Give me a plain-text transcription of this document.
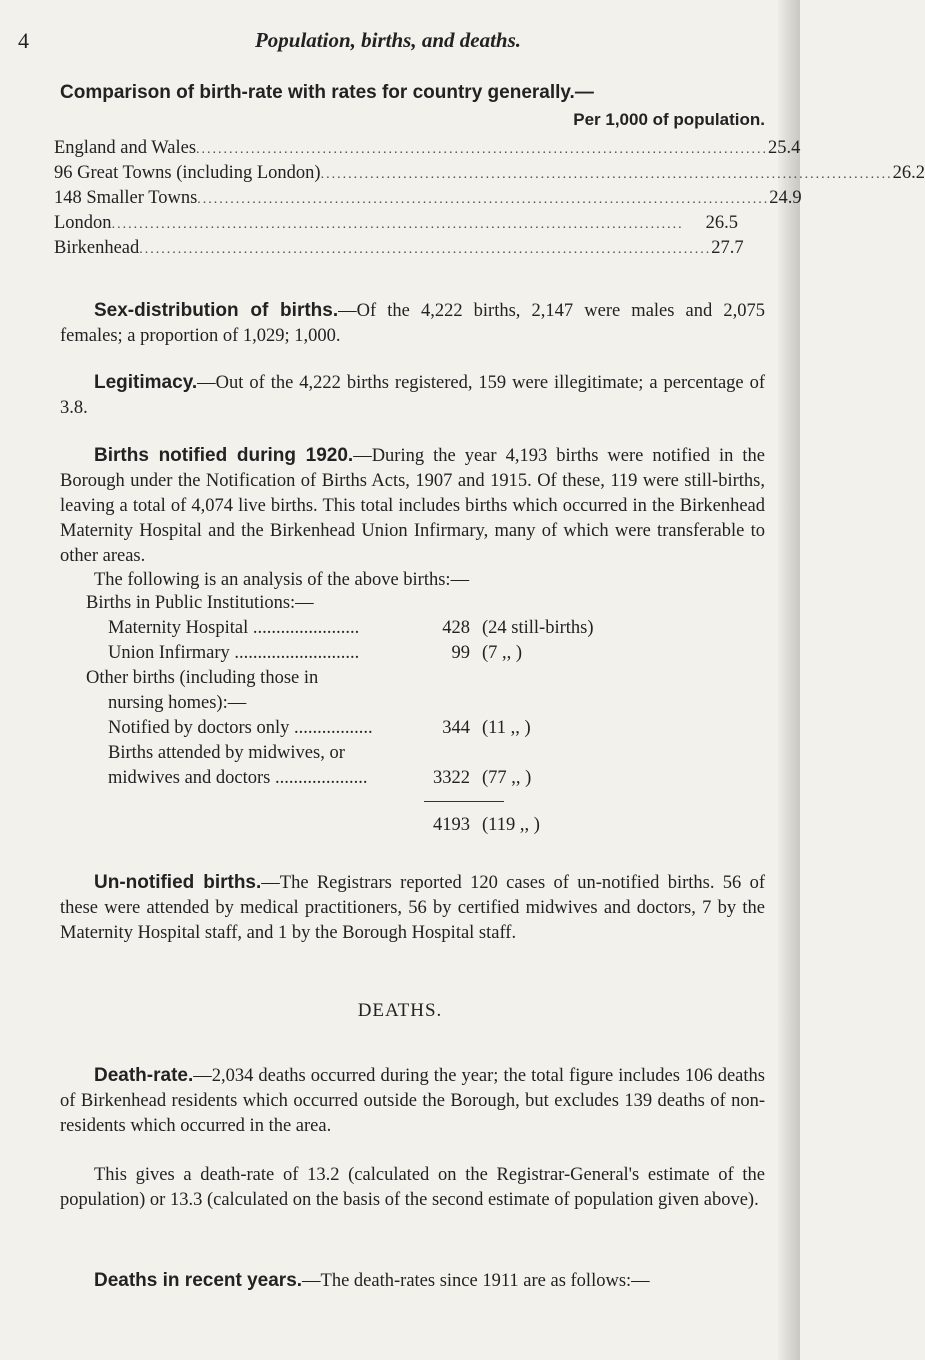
4	Population, births, and deaths.
Comparison of birth-rate with rates for country generally.—
Per 1,000 of population.
England and Wales ........................................................................................................ 25.4
96 Great Towns (including London) ........................................................................................................ 26.2
148 Smaller Towns ........................................................................................................ 24.9
London ........................................................................................................	26.5
Birkenhead ........................................................................................................ 27.7
Sex-distribution of births.—Of the 4,222 births, 2,147 were males and 2,075 females; a proportion of 1,029; 1,000.
Legitimacy.—Out of the 4,222 births registered, 159 were illegitimate; a percentage of 3.8.
Births notified during 1920.—During the year 4,193 births were notified in the Borough under the Notification of Births Acts, 1907 and 1915. Of these, 119 were still-births, leaving a total of 4,074 live births. This total includes births which occurred in the Birkenhead Maternity Hospital and the Birkenhead Union Infirmary, many of which were transferable to other areas.
The following is an analysis of the above births:—
Births in Public Institutions:—
Maternity Hospital .......................	428 (24 still-births)
Union Infirmary ...........................	99 (7 ,, )
Other births (including those in
nursing homes):—
Notified by doctors only .................	344 (11 ,, )
Births attended by midwives, or
midwives and doctors ....................	3322 (77 ,, )
4193 (119 ,, )
Un-notified births.—The Registrars reported 120 cases of un-notified births. 56 of these were attended by medical practitioners, 56 by certified midwives and doctors, 7 by the Maternity Hospital staff, and 1 by the Borough Hospital staff.
DEATHS.
Death-rate.—2,034 deaths occurred during the year; the total figure includes 106 deaths of Birkenhead residents which occurred outside the Borough, but excludes 139 deaths of non-residents which occurred in the area.
This gives a death-rate of 13.2 (calculated on the Registrar-General's estimate of the population) or 13.3 (calculated on the basis of the second estimate of population given above).
Deaths in recent years.—The death-rates since 1911 are as follows:—
